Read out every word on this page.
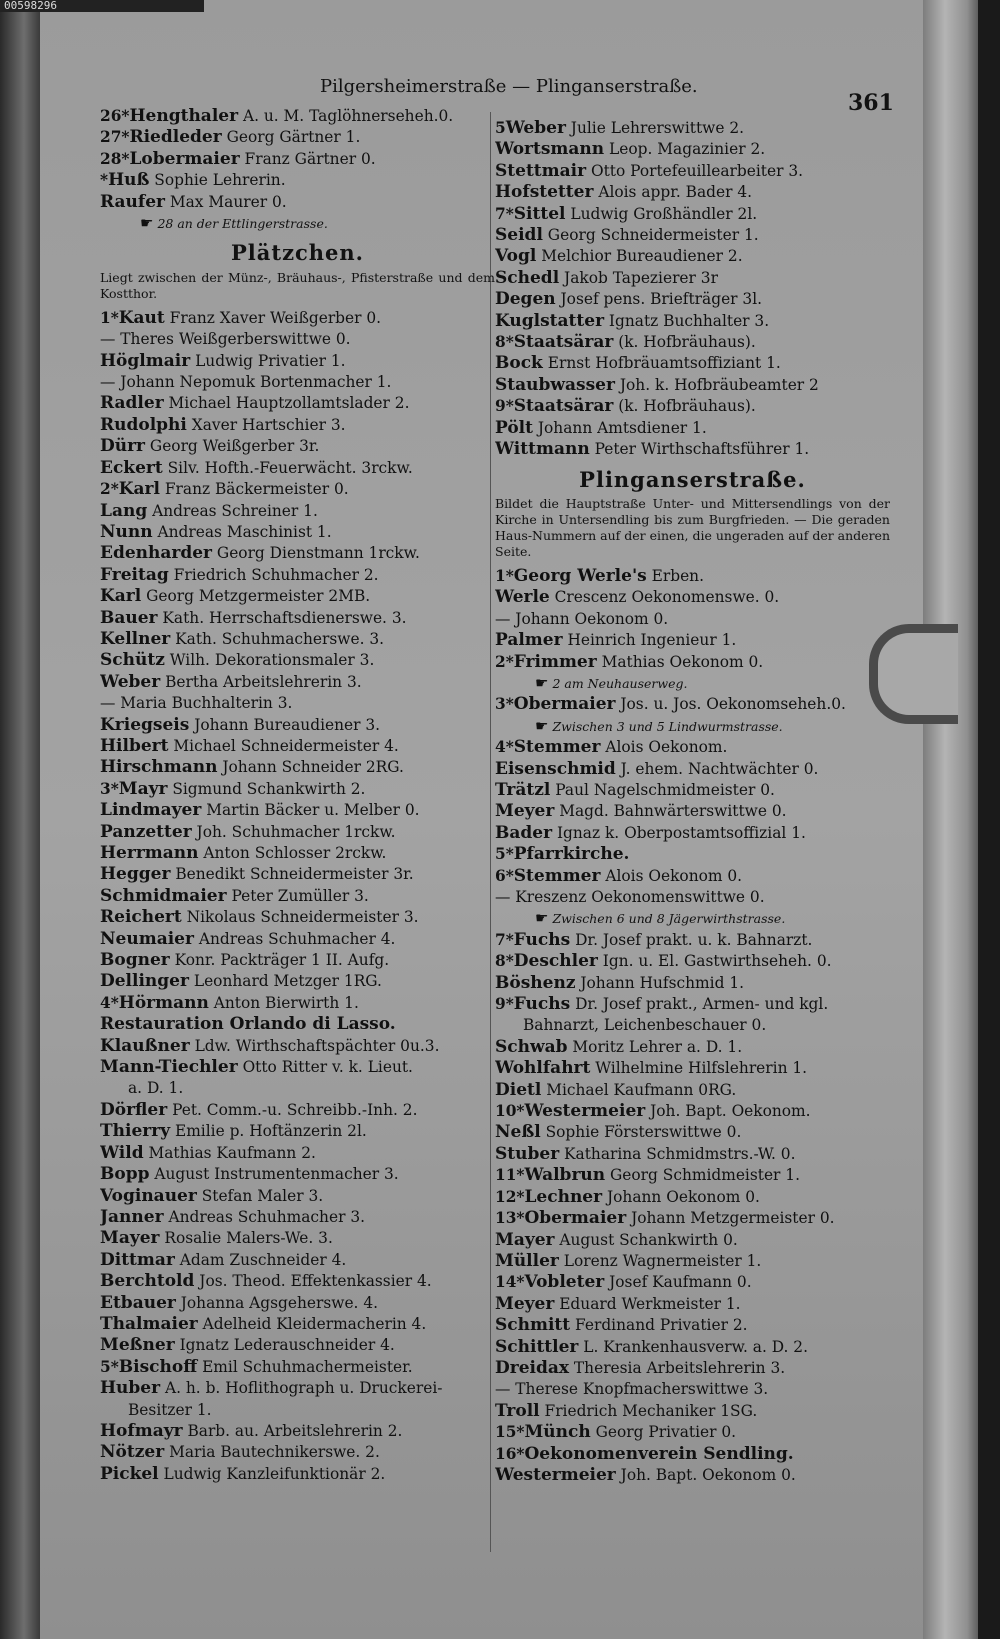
Pilgersheimerstraße — Plinganserstraße.
361
26*Hengthaler A. u. M. Taglöhnerseheh.0.
27*Riedleder Georg Gärtner 1.
28*Lobermaier Franz Gärtner 0.
*Huß Sophie Lehrerin.
Raufer Max Maurer 0.
☛ 28 an der Ettlingerstrasse.
Plätzchen.
Liegt zwischen der Münz-, Bräuhaus-, Pfisterstraße und dem Kostthor.
1*Kaut Franz Xaver Weißgerber 0.
— Theres Weißgerberswittwe 0.
Höglmair Ludwig Privatier 1.
— Johann Nepomuk Bortenmacher 1.
Radler Michael Hauptzollamtslader 2.
Rudolphi Xaver Hartschier 3.
Dürr Georg Weißgerber 3r.
Eckert Silv. Hofth.-Feuerwächt. 3rckw.
2*Karl Franz Bäckermeister 0.
Lang Andreas Schreiner 1.
Nunn Andreas Maschinist 1.
Edenharder Georg Dienstmann 1rckw.
Freitag Friedrich Schuhmacher 2.
Karl Georg Metzgermeister 2MB.
Bauer Kath. Herrschaftsdienerswe. 3.
Kellner Kath. Schuhmacherswe. 3.
Schütz Wilh. Dekorationsmaler 3.
Weber Bertha Arbeitslehrerin 3.
— Maria Buchhalterin 3.
Kriegseis Johann Bureaudiener 3.
Hilbert Michael Schneidermeister 4.
Hirschmann Johann Schneider 2RG.
3*Mayr Sigmund Schankwirth 2.
Lindmayer Martin Bäcker u. Melber 0.
Panzetter Joh. Schuhmacher 1rckw.
Herrmann Anton Schlosser 2rckw.
Hegger Benedikt Schneidermeister 3r.
Schmidmaier Peter Zumüller 3.
Reichert Nikolaus Schneidermeister 3.
Neumaier Andreas Schuhmacher 4.
Bogner Konr. Packträger 1 II. Aufg.
Dellinger Leonhard Metzger 1RG.
4*Hörmann Anton Bierwirth 1.
Restauration Orlando di Lasso.
Klaußner Ldw. Wirthschaftspächter 0u.3.
Mann-Tiechler Otto Ritter v. k. Lieut.
a. D. 1.
Dörfler Pet. Comm.-u. Schreibb.-Inh. 2.
Thierry Emilie p. Hoftänzerin 2l.
Wild Mathias Kaufmann 2.
Bopp August Instrumentenmacher 3.
Voginauer Stefan Maler 3.
Janner Andreas Schuhmacher 3.
Mayer Rosalie Malers-We. 3.
Dittmar Adam Zuschneider 4.
Berchtold Jos. Theod. Effektenkassier 4.
Etbauer Johanna Agsgeherswe. 4.
Thalmaier Adelheid Kleidermacherin 4.
Meßner Ignatz Lederauschneider 4.
5*Bischoff Emil Schuhmachermeister.
Huber A. h. b. Hoflithograph u. Druckerei-
Besitzer 1.
Hofmayr Barb. au. Arbeitslehrerin 2.
Nötzer Maria Bautechnikerswe. 2.
Pickel Ludwig Kanzleifunktionär 2.
5Weber Julie Lehrerswittwe 2.
Wortsmann Leop. Magazinier 2.
Stettmair Otto Portefeuillearbeiter 3.
Hofstetter Alois appr. Bader 4.
7*Sittel Ludwig Großhändler 2l.
Seidl Georg Schneidermeister 1.
Vogl Melchior Bureaudiener 2.
Schedl Jakob Tapezierer 3r
Degen Josef pens. Briefträger 3l.
Kuglstatter Ignatz Buchhalter 3.
8*Staatsärar (k. Hofbräuhaus).
Bock Ernst Hofbräuamtsoffiziant 1.
Staubwasser Joh. k. Hofbräubeamter 2
9*Staatsärar (k. Hofbräuhaus).
Pölt Johann Amtsdiener 1.
Wittmann Peter Wirthschaftsführer 1.
Plinganserstraße.
Bildet die Hauptstraße Unter- und Mittersendlings von der Kirche in Untersendling bis zum Burgfrieden. — Die geraden Haus-Nummern auf der einen, die ungeraden auf der anderen Seite.
1*Georg Werle's Erben.
Werle Crescenz Oekonomenswe. 0.
— Johann Oekonom 0.
Palmer Heinrich Ingenieur 1.
2*Frimmer Mathias Oekonom 0.
☛ 2 am Neuhauserweg.
3*Obermaier Jos. u. Jos. Oekonomseheh.0.
☛ Zwischen 3 und 5 Lindwurmstrasse.
4*Stemmer Alois Oekonom.
Eisenschmid J. ehem. Nachtwächter 0.
Trätzl Paul Nagelschmidmeister 0.
Meyer Magd. Bahnwärterswittwe 0.
Bader Ignaz k. Oberpostamtsoffizial 1.
5*Pfarrkirche.
6*Stemmer Alois Oekonom 0.
— Kreszenz Oekonomenswittwe 0.
☛ Zwischen 6 und 8 Jägerwirthstrasse.
7*Fuchs Dr. Josef prakt. u. k. Bahnarzt.
8*Deschler Ign. u. El. Gastwirthseheh. 0.
Böshenz Johann Hufschmid 1.
9*Fuchs Dr. Josef prakt., Armen- und kgl.
Bahnarzt, Leichenbeschauer 0.
Schwab Moritz Lehrer a. D. 1.
Wohlfahrt Wilhelmine Hilfslehrerin 1.
Dietl Michael Kaufmann 0RG.
10*Westermeier Joh. Bapt. Oekonom.
Neßl Sophie Försterswittwe 0.
Stuber Katharina Schmidmstrs.-W. 0.
11*Walbrun Georg Schmidmeister 1.
12*Lechner Johann Oekonom 0.
13*Obermaier Johann Metzgermeister 0.
Mayer August Schankwirth 0.
Müller Lorenz Wagnermeister 1.
14*Vobleter Josef Kaufmann 0.
Meyer Eduard Werkmeister 1.
Schmitt Ferdinand Privatier 2.
Schittler L. Krankenhausverw. a. D. 2.
Dreidax Theresia Arbeitslehrerin 3.
— Therese Knopfmacherswittwe 3.
Troll Friedrich Mechaniker 1SG.
15*Münch Georg Privatier 0.
16*Oekonomenverein Sendling.
Westermeier Joh. Bapt. Oekonom 0.
00598296
